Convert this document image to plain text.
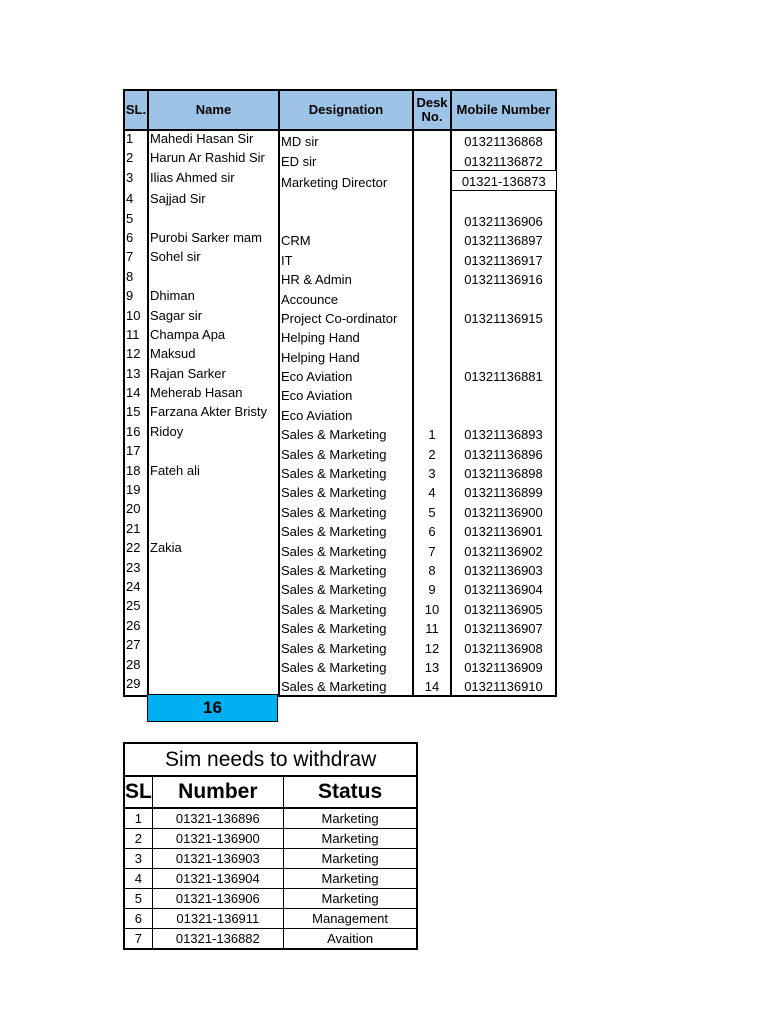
SL.	Name	Designation	Desk No.	Mobile Number
1	Mahedi Hasan Sir	MD sir		01321136868
2	Harun Ar Rashid Sir	ED sir		01321136872
3	Ilias Ahmed sir	Marketing Director		01321-136873
4	Sajjad Sir			
5				01321136906
6	Purobi Sarker mam	CRM		01321136897
7	Sohel sir	IT		01321136917
8		HR & Admin		01321136916
9	Dhiman	Accounce		
10	Sagar sir	Project Co-ordinator		01321136915
11	Champa Apa	Helping Hand		
12	Maksud	Helping Hand		
13	Rajan Sarker	Eco Aviation		01321136881
14	Meherab Hasan	Eco Aviation		
15	Farzana Akter Bristy	Eco Aviation		
16	Ridoy	Sales & Marketing	1	01321136893
17		Sales & Marketing	2	01321136896
18	Fateh ali	Sales & Marketing	3	01321136898
19		Sales & Marketing	4	01321136899
20		Sales & Marketing	5	01321136900
21		Sales & Marketing	6	01321136901
22	Zakia	Sales & Marketing	7	01321136902
23		Sales & Marketing	8	01321136903
24		Sales & Marketing	9	01321136904
25		Sales & Marketing	10	01321136905
26		Sales & Marketing	11	01321136907
27		Sales & Marketing	12	01321136908
28		Sales & Marketing	13	01321136909
29		Sales & Marketing	14	01321136910
16
Sim needs to withdraw		
SL	Number	Status
1	01321-136896	Marketing
2	01321-136900	Marketing
3	01321-136903	Marketing
4	01321-136904	Marketing
5	01321-136906	Marketing
6	01321-136911	Management
7	01321-136882	Avaition
